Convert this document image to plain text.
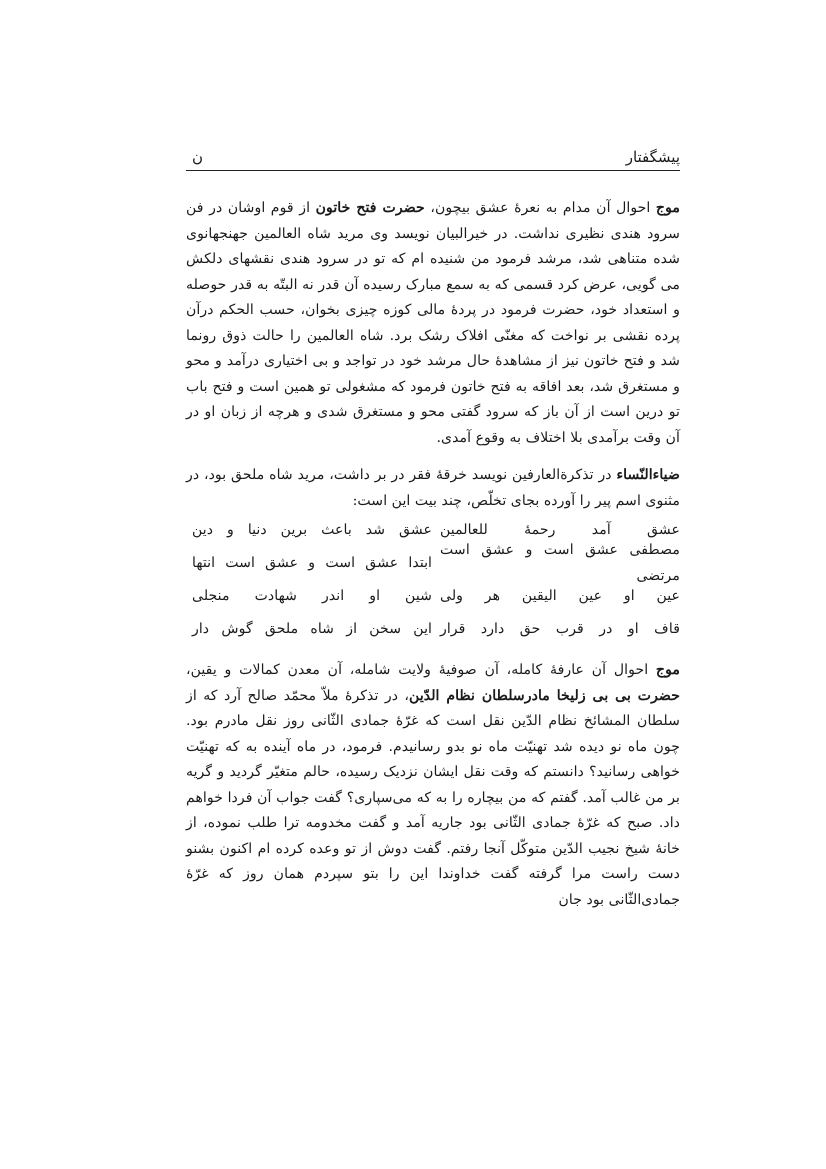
پیشگفتار
ن

موج احوال آن مدام به نعرهٔ عشق بیچون، حضرت فتح خاتون از قوم اوشان در فن سرود هندی نظیری نداشت. در خیرالبیان نویسد وی مرید شاه العالمین جهنجهانوی شده متناهی شد، مرشد فرمود من شنیده ام که تو در سرود هندی نقشهای دلکش می گویی، عرض کرد قسمی که به سمع مبارک رسیده آن قدر نه البتّه به قدر حوصله و استعداد خود، حضرت فرمود در پردهٔ مالی کوزه چیزی بخوان، حسب الحکم درآن پرده نقشی بر نواخت که مغنّی افلاک رشک برد. شاه العالمین را حالت ذوق رونما شد و فتح خاتون نیز از مشاهدهٔ حال مرشد خود در تواجد و بی اختیاری درآمد و محو و مستغرق شد، بعد افاقه به فتح خاتون فرمود که مشغولی تو همین است و فتح باب تو درین است از آن باز که سرود گفتی محو و مستغرق شدی و هرچه از زبان او در آن وقت برآمدی بلا اختلاف به وقوع آمدی.

ضیاءالنّساء در تذکرةالعارفین نویسد خرقهٔ فقر در بر داشت، مرید شاه ملحق بود، در مثنوی اسم پیر را آورده بجای تخلّص، چند بیت این است:

عشق آمد رحمهٔ للعالمین
عشق شد باعث برین دنیا و دین
مصطفی عشق است و عشق است مرتضی
ابتدا عشق است و عشق است انتها
عین او عین الیقین هر ولی
شین او اندر شهادت منجلی
قاف او در قرب حق دارد قرار
این سخن از شاه ملحق گوش دار

موج احوال آن عارفهٔ کامله، آن صوفیهٔ ولایت شامله، آن معدن کمالات و یقین، حضرت بی بی زلیخا مادرسلطان نظام الدّین، در تذکرهٔ ملاّ محمّد صالح آرد که از سلطان المشائخ نظام الدّین نقل است که غرّهٔ جمادی الثّانی روز نقل مادرم بود. چون ماه نو دیده شد تهنیّت ماه نو بدو رسانیدم. فرمود، در ماه آینده به که تهنیّت خواهی رسانید؟ دانستم که وقت نقل ایشان نزدیک رسیده، حالم متغیّر گردید و گریه بر من غالب آمد. گفتم که من بیچاره را به که می‌سپاری؟ گفت جواب آن فردا خواهم داد. صبح که غرّهٔ جمادی الثّانی بود جاریه آمد و گفت مخدومه ترا طلب نموده، از خانهٔ شیخ نجیب الدّین متوکّل آنجا رفتم. گفت دوش از تو وعده کرده ام اکنون بشنو دست راست مرا گرفته گفت خداوندا این را بتو سپردم همان روز که غرّهٔ جمادی‌الثّانی بود جان
